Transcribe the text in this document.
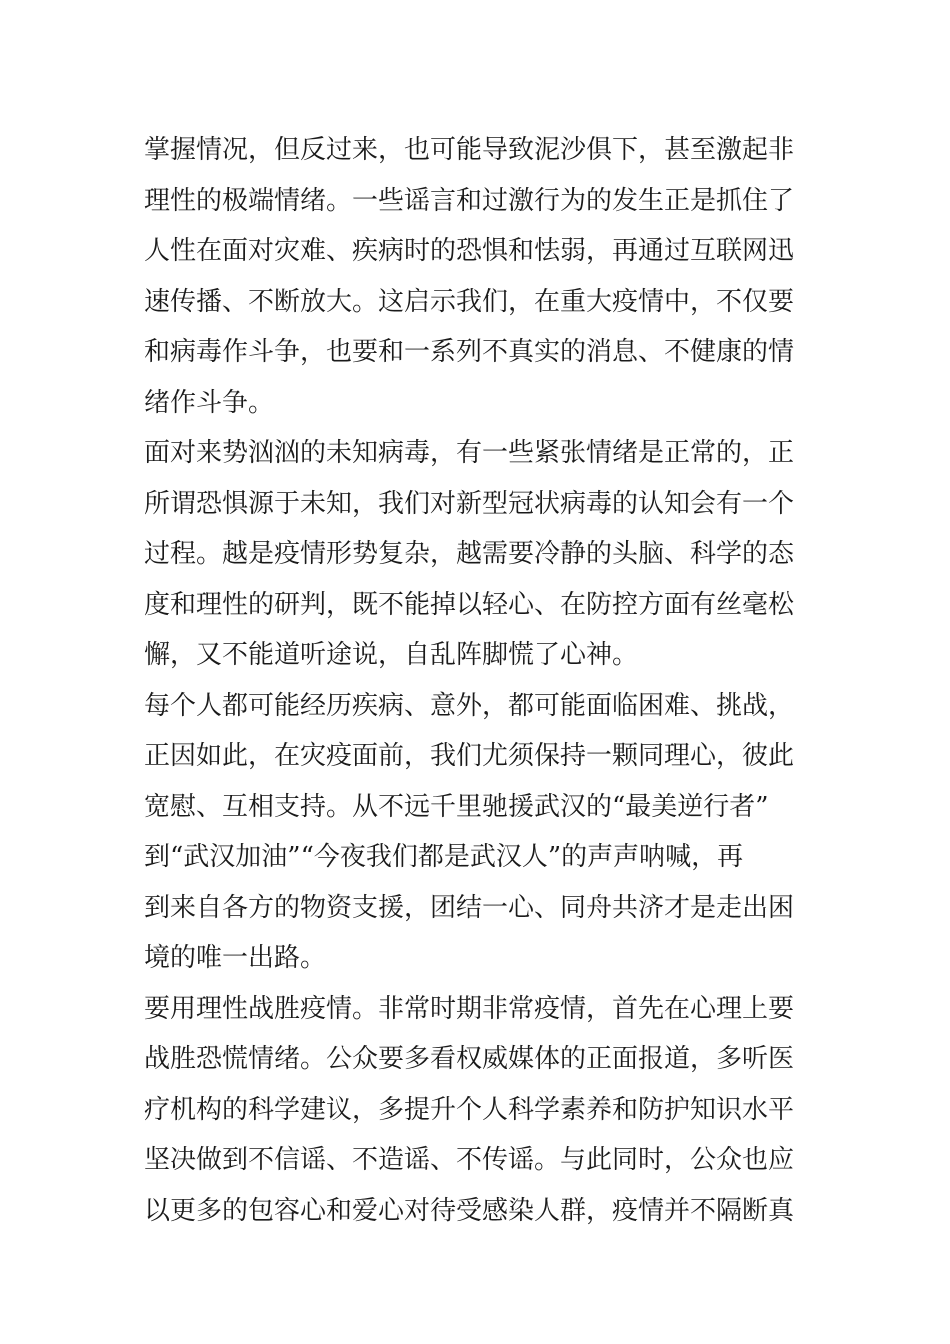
掌握情况，但反过来，也可能导致泥沙俱下，甚至激起非
理性的极端情绪。一些谣言和过激行为的发生正是抓住了
人性在面对灾难、疾病时的恐惧和怯弱，再通过互联网迅
速传播、不断放大。这启示我们，在重大疫情中，不仅要
和病毒作斗争，也要和一系列不真实的消息、不健康的情
绪作斗争。
面对来势汹汹的未知病毒，有一些紧张情绪是正常的，正
所谓恐惧源于未知，我们对新型冠状病毒的认知会有一个
过程。越是疫情形势复杂，越需要冷静的头脑、科学的态
度和理性的研判，既不能掉以轻心、在防控方面有丝毫松
懈，又不能道听途说，自乱阵脚慌了心神。
每个人都可能经历疾病、意外，都可能面临困难、挑战，
正因如此，在灾疫面前，我们尤须保持一颗同理心，彼此
宽慰、互相支持。从不远千里驰援武汉的“最美逆行者”
到“武汉加油”“今夜我们都是武汉人”的声声呐喊，再
到来自各方的物资支援，团结一心、同舟共济才是走出困
境的唯一出路。
要用理性战胜疫情。非常时期非常疫情，首先在心理上要
战胜恐慌情绪。公众要多看权威媒体的正面报道，多听医
疗机构的科学建议，多提升个人科学素养和防护知识水平
坚决做到不信谣、不造谣、不传谣。与此同时，公众也应
以更多的包容心和爱心对待受感染人群，疫情并不隔断真
